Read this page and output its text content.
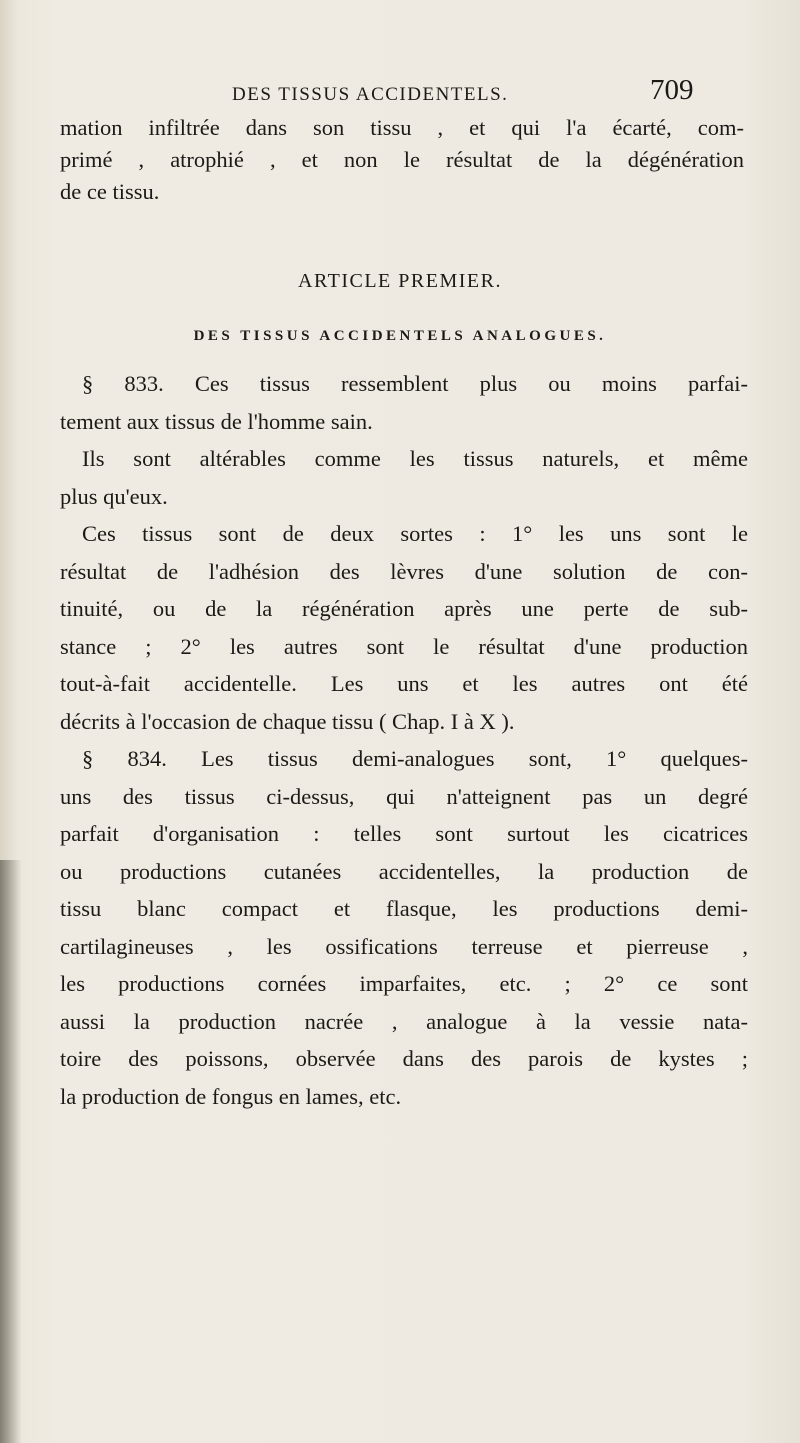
DES TISSUS ACCIDENTELS.	709
mation infiltrée dans son tissu , et qui l'a écarté, com-
primé , atrophié , et non le résultat de la dégénération
de ce tissu.
ARTICLE PREMIER.
DES TISSUS ACCIDENTELS ANALOGUES.
§ 833. Ces tissus ressemblent plus ou moins parfai-
tement aux tissus de l'homme sain.
Ils sont altérables comme les tissus naturels, et même
plus qu'eux.
Ces tissus sont de deux sortes : 1° les uns sont le
résultat de l'adhésion des lèvres d'une solution de con-
tinuité, ou de la régénération après une perte de sub-
stance ; 2° les autres sont le résultat d'une production
tout-à-fait accidentelle. Les uns et les autres ont été
décrits à l'occasion de chaque tissu ( Chap. I à X ).
§ 834. Les tissus demi-analogues sont, 1° quelques-
uns des tissus ci-dessus, qui n'atteignent pas un degré
parfait d'organisation : telles sont surtout les cicatrices
ou productions cutanées accidentelles, la production de
tissu blanc compact et flasque, les productions demi-
cartilagineuses , les ossifications terreuse et pierreuse ,
les productions cornées imparfaites, etc. ; 2° ce sont
aussi la production nacrée , analogue à la vessie nata-
toire des poissons, observée dans des parois de kystes ;
la production de fongus en lames, etc.
